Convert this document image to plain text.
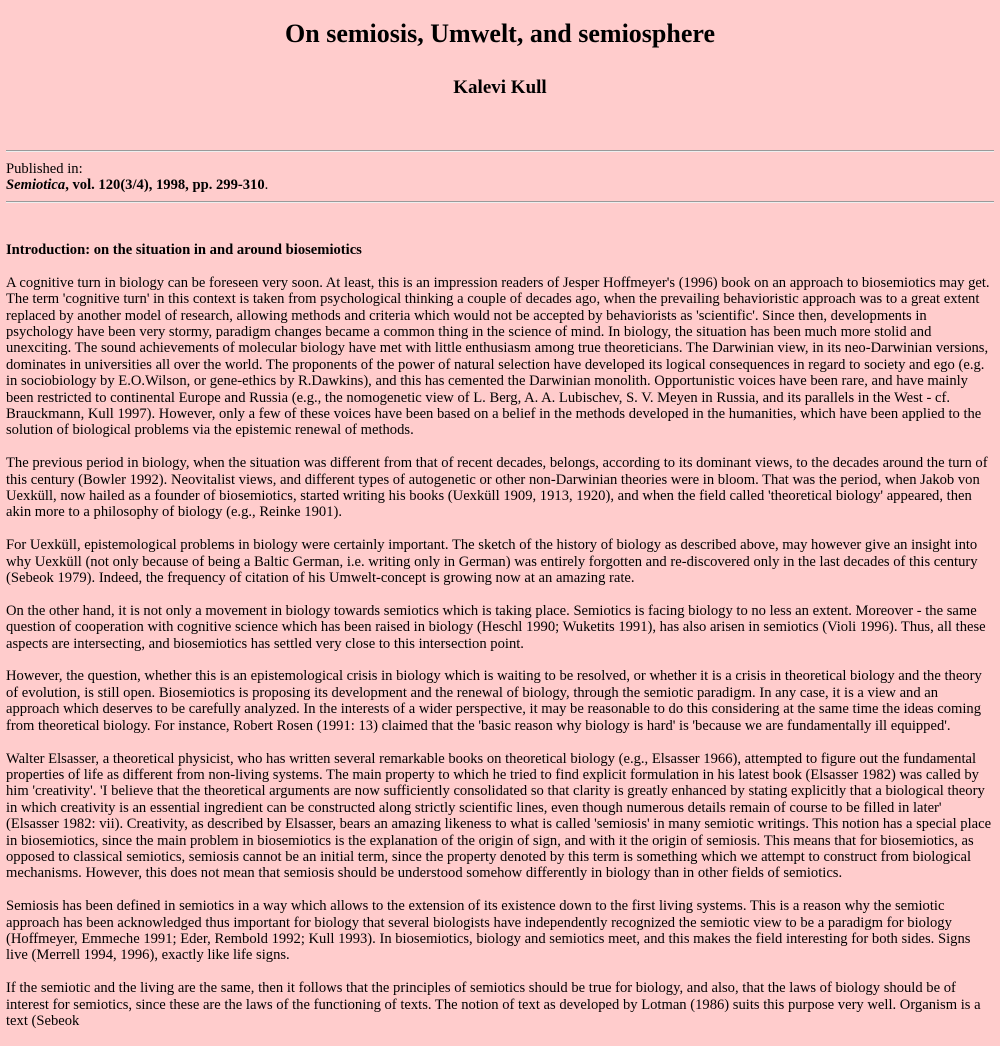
On semiosis, Umwelt, and semiosphere
Kalevi Kull
Published in:
Semiotica, vol. 120(3/4), 1998, pp. 299-310.
Introduction: on the situation in and around biosemiotics

A cognitive turn in biology can be foreseen very soon. At least, this is an impression readers of Jesper Hoffmeyer's (1996) book on an approach to biosemiotics may get. The term 'cognitive turn' in this context is taken from psychological thinking a couple of decades ago, when the prevailing behavioristic approach was to a great extent replaced by another model of research, allowing methods and criteria which would not be accepted by behaviorists as 'scientific'. Since then, developments in psychology have been very stormy, paradigm changes became a common thing in the science of mind. In biology, the situation has been much more stolid and unexciting. The sound achievements of molecular biology have met with little enthusiasm among true theoreticians. The Darwinian view, in its neo-Darwinian versions, dominates in universities all over the world. The proponents of the power of natural selection have developed its logical consequences in regard to society and ego (e.g. in sociobiology by E.O.Wilson, or gene-ethics by R.Dawkins), and this has cemented the Darwinian monolith. Opportunistic voices have been rare, and have mainly been restricted to continental Europe and Russia (e.g., the nomogenetic view of L. Berg, A. A. Lubischev, S. V. Meyen in Russia, and its parallels in the West - cf. Brauckmann, Kull 1997). However, only a few of these voices have been based on a belief in the methods developed in the humanities, which have been applied to the solution of biological problems via the epistemic renewal of methods.

The previous period in biology, when the situation was different from that of recent decades, belongs, according to its dominant views, to the decades around the turn of this century (Bowler 1992). Neovitalist views, and different types of autogenetic or other non-Darwinian theories were in bloom. That was the period, when Jakob von Uexküll, now hailed as a founder of biosemiotics, started writing his books (Uexküll 1909, 1913, 1920), and when the field called 'theoretical biology' appeared, then akin more to a philosophy of biology (e.g., Reinke 1901).

For Uexküll, epistemological problems in biology were certainly important. The sketch of the history of biology as described above, may however give an insight into why Uexküll (not only because of being a Baltic German, i.e. writing only in German) was entirely forgotten and re-discovered only in the last decades of this century (Sebeok 1979). Indeed, the frequency of citation of his Umwelt-concept is growing now at an amazing rate.

On the other hand, it is not only a movement in biology towards semiotics which is taking place. Semiotics is facing biology to no less an extent. Moreover - the same question of cooperation with cognitive science which has been raised in biology (Heschl 1990; Wuketits 1991), has also arisen in semiotics (Violi 1996). Thus, all these aspects are intersecting, and biosemiotics has settled very close to this intersection point.

However, the question, whether this is an epistemological crisis in biology which is waiting to be resolved, or whether it is a crisis in theoretical biology and the theory of evolution, is still open. Biosemiotics is proposing its development and the renewal of biology, through the semiotic paradigm. In any case, it is a view and an approach which deserves to be carefully analyzed. In the interests of a wider perspective, it may be reasonable to do this considering at the same time the ideas coming from theoretical biology. For instance, Robert Rosen (1991: 13) claimed that the 'basic reason why biology is hard' is 'because we are fundamentally ill equipped'.

Walter Elsasser, a theoretical physicist, who has written several remarkable books on theoretical biology (e.g., Elsasser 1966), attempted to figure out the fundamental properties of life as different from non-living systems. The main property to which he tried to find explicit formulation in his latest book (Elsasser 1982) was called by him 'creativity'. 'I believe that the theoretical arguments are now sufficiently consolidated so that clarity is greatly enhanced by stating explicitly that a biological theory in which creativity is an essential ingredient can be constructed along strictly scientific lines, even though numerous details remain of course to be filled in later' (Elsasser 1982: vii). Creativity, as described by Elsasser, bears an amazing likeness to what is called 'semiosis' in many semiotic writings. This notion has a special place in biosemiotics, since the main problem in biosemiotics is the explanation of the origin of sign, and with it the origin of semiosis. This means that for biosemiotics, as opposed to classical semiotics, semiosis cannot be an initial term, since the property denoted by this term is something which we attempt to construct from biological mechanisms. However, this does not mean that semiosis should be understood somehow differently in biology than in other fields of semiotics.

Semiosis has been defined in semiotics in a way which allows to the extension of its existence down to the first living systems. This is a reason why the semiotic approach has been acknowledged thus important for biology that several biologists have independently recognized the semiotic view to be a paradigm for biology (Hoffmeyer, Emmeche 1991; Eder, Rembold 1992; Kull 1993). In biosemiotics, biology and semiotics meet, and this makes the field interesting for both sides. Signs live (Merrell 1994, 1996), exactly like life signs.

If the semiotic and the living are the same, then it follows that the principles of semiotics should be true for biology, and also, that the laws of biology should be of interest for semiotics, since these are the laws of the functioning of texts. The notion of text as developed by Lotman (1986) suits this purpose very well. Organism is a text (Sebeok
